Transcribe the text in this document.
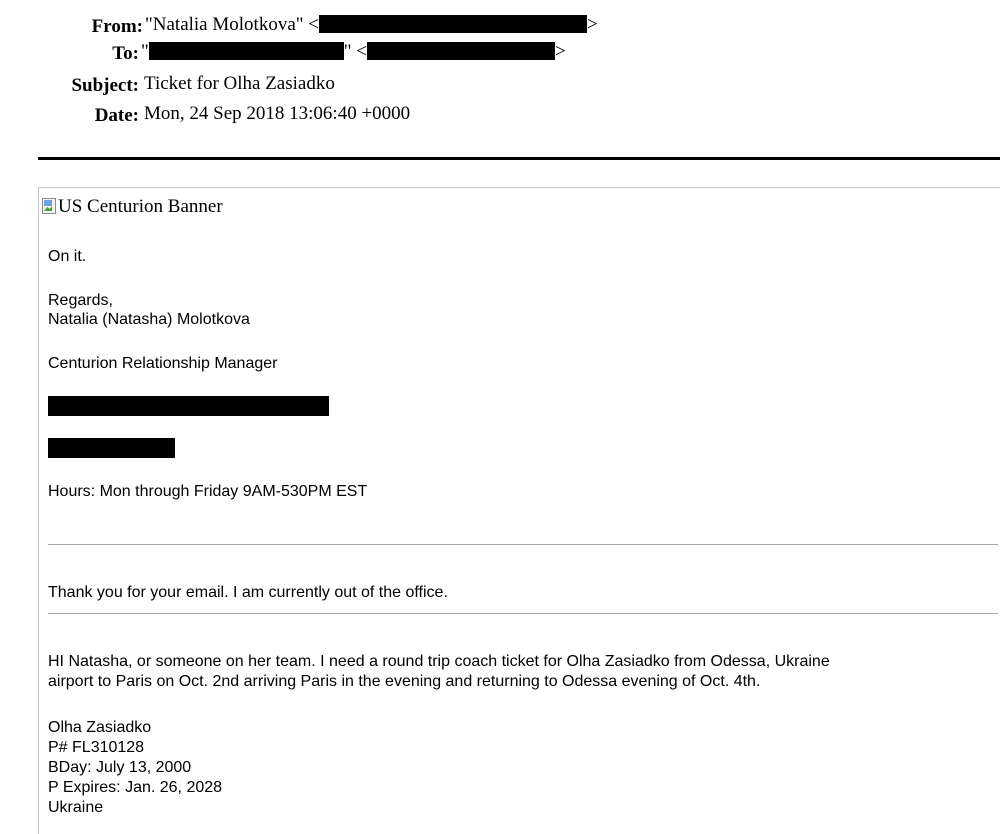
From: "Natalia Molotkova" <	>
To: "	" <	>
Subject: Ticket for Olha Zasiadko
Date: Mon, 24 Sep 2018 13:06:40 +0000
US Centurion Banner
On it.
Regards,
Natalia (Natasha) Molotkova
Centurion Relationship Manager
Hours: Mon through Friday 9AM-530PM EST
Thank you for your email. I am currently out of the office.
HI Natasha, or someone on her team. I need a round trip coach ticket for Olha Zasiadko from Odessa, Ukraine
airport to Paris on Oct. 2nd arriving Paris in the evening and returning to Odessa evening of Oct. 4th.
Olha Zasiadko
P# FL310128
BDay: July 13, 2000
P Expires: Jan. 26, 2028
Ukraine
